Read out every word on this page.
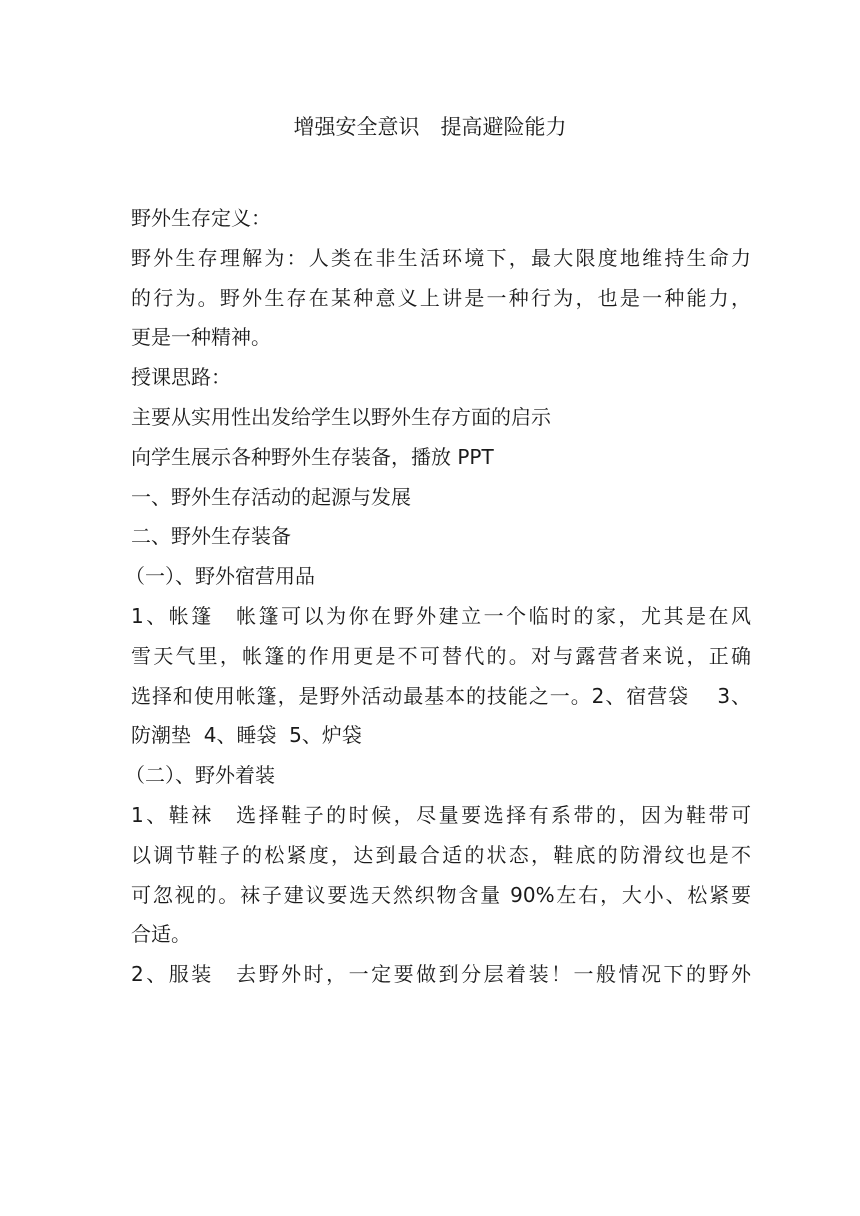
增强安全意识　提高避险能力
野外生存定义：
野外生存理解为：人类在非生活环境下，最大限度地维持生命力
的行为。野外生存在某种意义上讲是一种行为，也是一种能力，
更是一种精神。
授课思路：
主要从实用性出发给学生以野外生存方面的启示
向学生展示各种野外生存装备，播放 PPT
一、野外生存活动的起源与发展
二、野外生存装备
（一）、野外宿营用品
1、帐篷　帐篷可以为你在野外建立一个临时的家，尤其是在风
雪天气里，帐篷的作用更是不可替代的。对与露营者来说，正确
选择和使用帐篷，是野外活动最基本的技能之一。2、宿营袋　 3、
防潮垫  4、睡袋  5、炉袋
（二）、野外着装
1、鞋袜　选择鞋子的时候，尽量要选择有系带的，因为鞋带可
以调节鞋子的松紧度，达到最合适的状态，鞋底的防滑纹也是不
可忽视的。袜子建议要选天然织物含量 90%左右，大小、松紧要
合适。
2、服装　去野外时，一定要做到分层着装！一般情况下的野外
